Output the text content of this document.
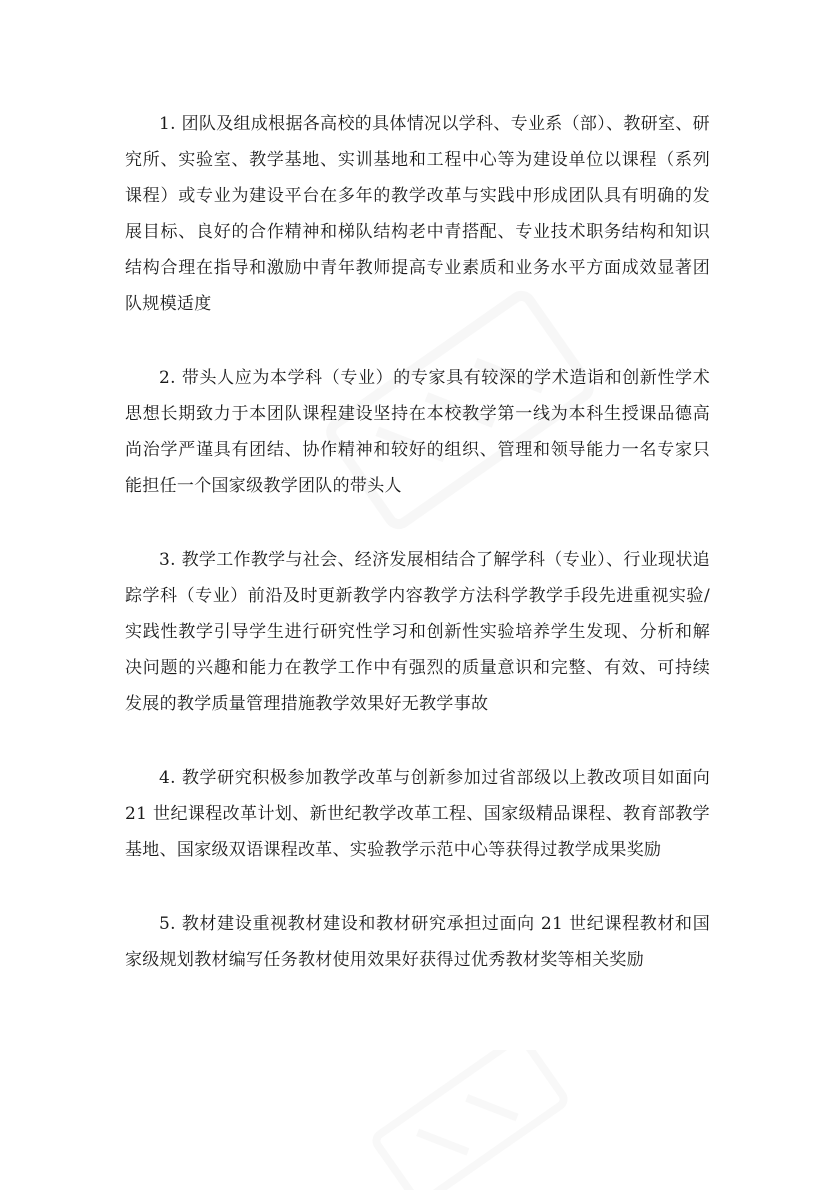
1. 团队及组成根据各高校的具体情况以学科、专业系（部）、教研室、研究所、实验室、教学基地、实训基地和工程中心等为建设单位以课程（系列课程）或专业为建设平台在多年的教学改革与实践中形成团队具有明确的发展目标、良好的合作精神和梯队结构老中青搭配、专业技术职务结构和知识结构合理在指导和激励中青年教师提高专业素质和业务水平方面成效显著团队规模适度

2. 带头人应为本学科（专业）的专家具有较深的学术造诣和创新性学术思想长期致力于本团队课程建设坚持在本校教学第一线为本科生授课品德高尚治学严谨具有团结、协作精神和较好的组织、管理和领导能力一名专家只能担任一个国家级教学团队的带头人

3. 教学工作教学与社会、经济发展相结合了解学科（专业）、行业现状追踪学科（专业）前沿及时更新教学内容教学方法科学教学手段先进重视实验/实践性教学引导学生进行研究性学习和创新性实验培养学生发现、分析和解决问题的兴趣和能力在教学工作中有强烈的质量意识和完整、有效、可持续发展的教学质量管理措施教学效果好无教学事故

4. 教学研究积极参加教学改革与创新参加过省部级以上教改项目如面向 21 世纪课程改革计划、新世纪教学改革工程、国家级精品课程、教育部教学基地、国家级双语课程改革、实验教学示范中心等获得过教学成果奖励

5. 教材建设重视教材建设和教材研究承担过面向 21 世纪课程教材和国家级规划教材编写任务教材使用效果好获得过优秀教材奖等相关奖励
